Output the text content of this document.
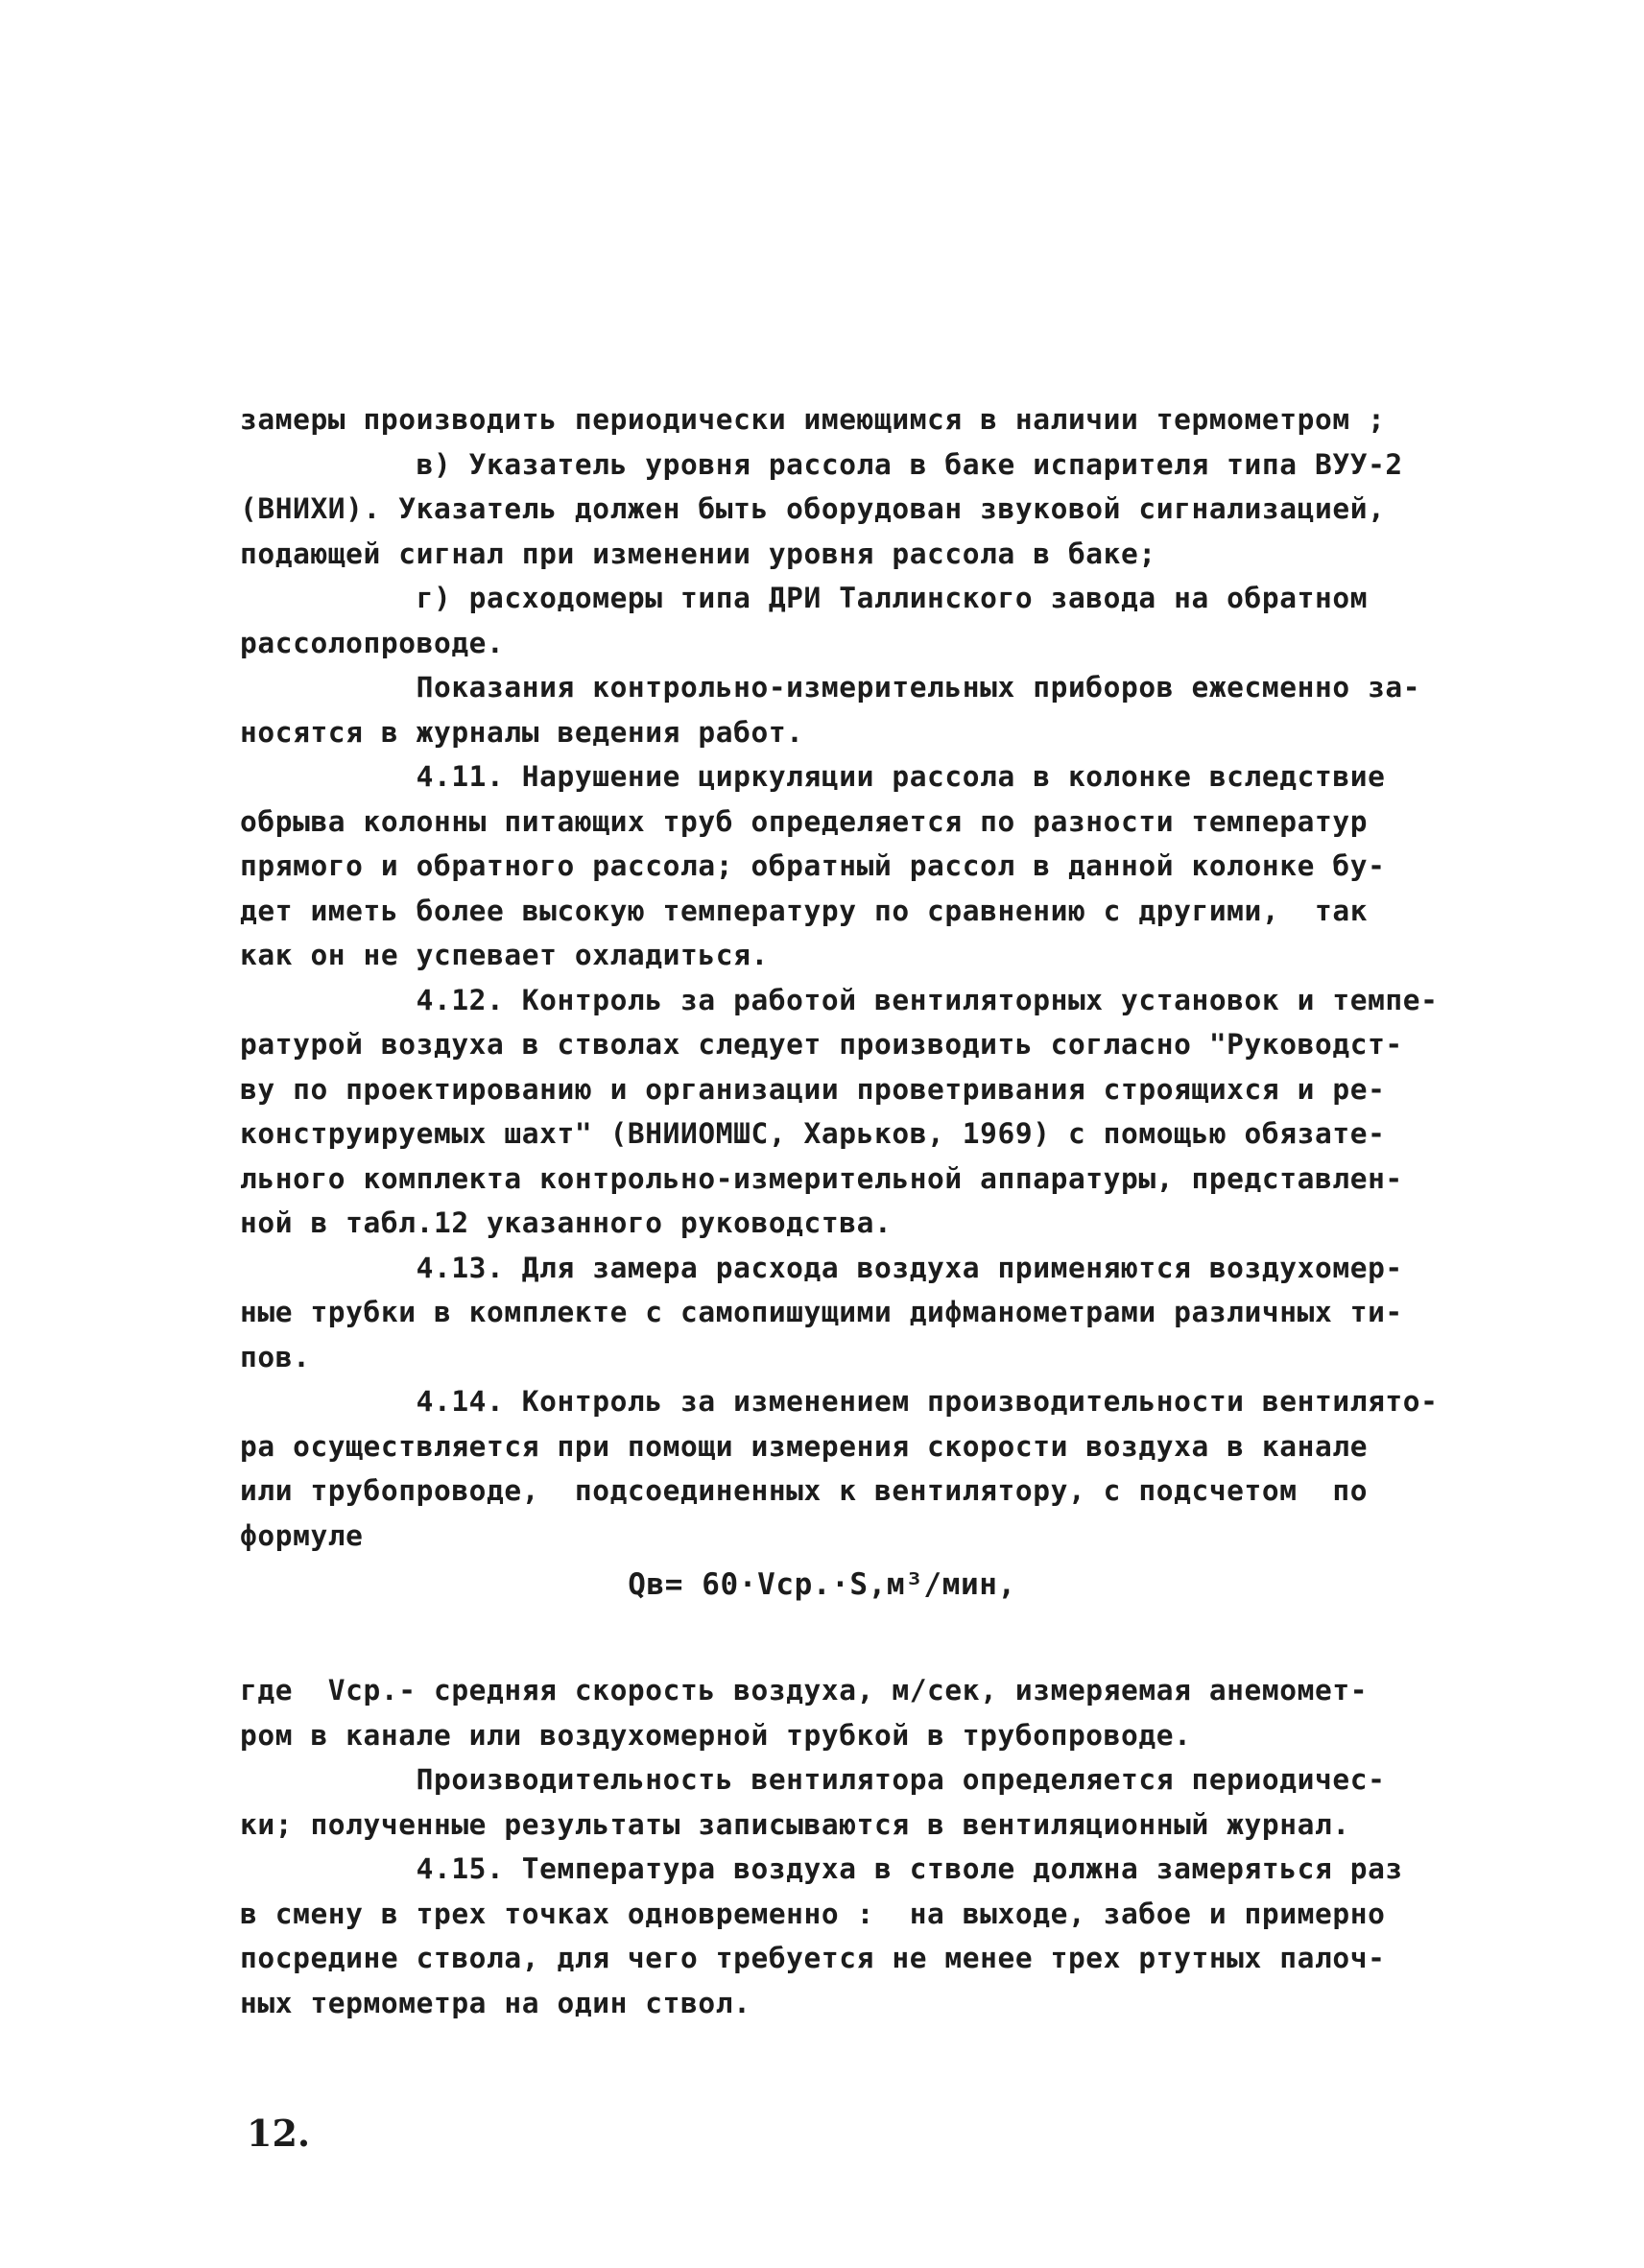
замеры производить периодически имеющимся в наличии термометром ;
в) Указатель уровня рассола в баке испарителя типа ВУУ-2
(ВНИХИ). Указатель должен быть оборудован звуковой сигнализацией,
подающей сигнал при изменении уровня рассола в баке;
г) расходомеры типа ДРИ Таллинского завода на обратном
рассолопроводе.
Показания контрольно-измерительных приборов ежесменно за-
носятся в журналы ведения работ.
4.11. Нарушение циркуляции рассола в колонке вследствие
обрыва колонны питающих труб определяется по разности температур
прямого и обратного рассола; обратный рассол в данной колонке бу-
дет иметь более высокую температуру по сравнению с другими,  так
как он не успевает охладиться.
4.12. Контроль за работой вентиляторных установок и темпе-
ратурой воздуха в стволах следует производить согласно "Руководст-
ву по проектированию и организации проветривания строящихся и ре-
конструируемых шахт" (ВНИИОМШС, Харьков, 1969) с помощью обязате-
льного комплекта контрольно-измерительной аппаратуры, представлен-
ной в табл.12 указанного руководства.
4.13. Для замера расхода воздуха применяются воздухомер-
ные трубки в комплекте с самопишущими дифманометрами различных ти-
пов.
4.14. Контроль за изменением производительности вентилято-
ра осуществляется при помощи измерения скорости воздуха в канале
или трубопроводе,  подсоединенных к вентилятору, с подсчетом  по
формуле
Qв= 60·Vср.·S,м³/мин,
где  Vср.- средняя скорость воздуха, м/сек, измеряемая анемомет-
ром в канале или воздухомерной трубкой в трубопроводе.
Производительность вентилятора определяется периодичес-
ки; полученные результаты записываются в вентиляционный журнал.
4.15. Температура воздуха в стволе должна замеряться раз
в смену в трех точках одновременно :  на выходе, забое и примерно
посредине ствола, для чего требуется не менее трех ртутных палоч-
ных термометра на один ствол.
12.
